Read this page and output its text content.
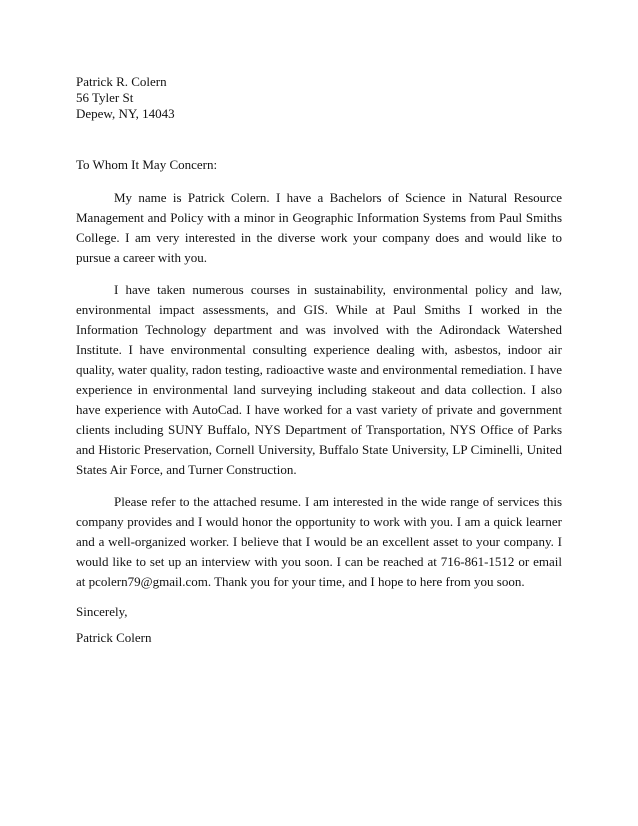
Patrick R. Colern
56 Tyler St
Depew, NY, 14043
To Whom It May Concern:

My name is Patrick Colern. I have a Bachelors of Science in Natural Resource Management and Policy with a minor in Geographic Information Systems from Paul Smiths College. I am very interested in the diverse work your company does and would like to pursue a career with you.

I have taken numerous courses in sustainability, environmental policy and law, environmental impact assessments, and GIS. While at Paul Smiths I worked in the Information Technology department and was involved with the Adirondack Watershed Institute. I have environmental consulting experience dealing with, asbestos, indoor air quality, water quality, radon testing, radioactive waste and environmental remediation. I have experience in environmental land surveying including stakeout and data collection. I also have experience with AutoCad. I have worked for a vast variety of private and government clients including SUNY Buffalo, NYS Department of Transportation, NYS Office of Parks and Historic Preservation, Cornell University, Buffalo State University, LP Ciminelli, United States Air Force, and Turner Construction.

Please refer to the attached resume. I am interested in the wide range of services this company provides and I would honor the opportunity to work with you. I am a quick learner and a well-organized worker. I believe that I would be an excellent asset to your company. I would like to set up an interview with you soon. I can be reached at 716-861-1512 or email at pcolern79@gmail.com. Thank you for your time, and I hope to here from you soon.

Sincerely,
Patrick Colern
